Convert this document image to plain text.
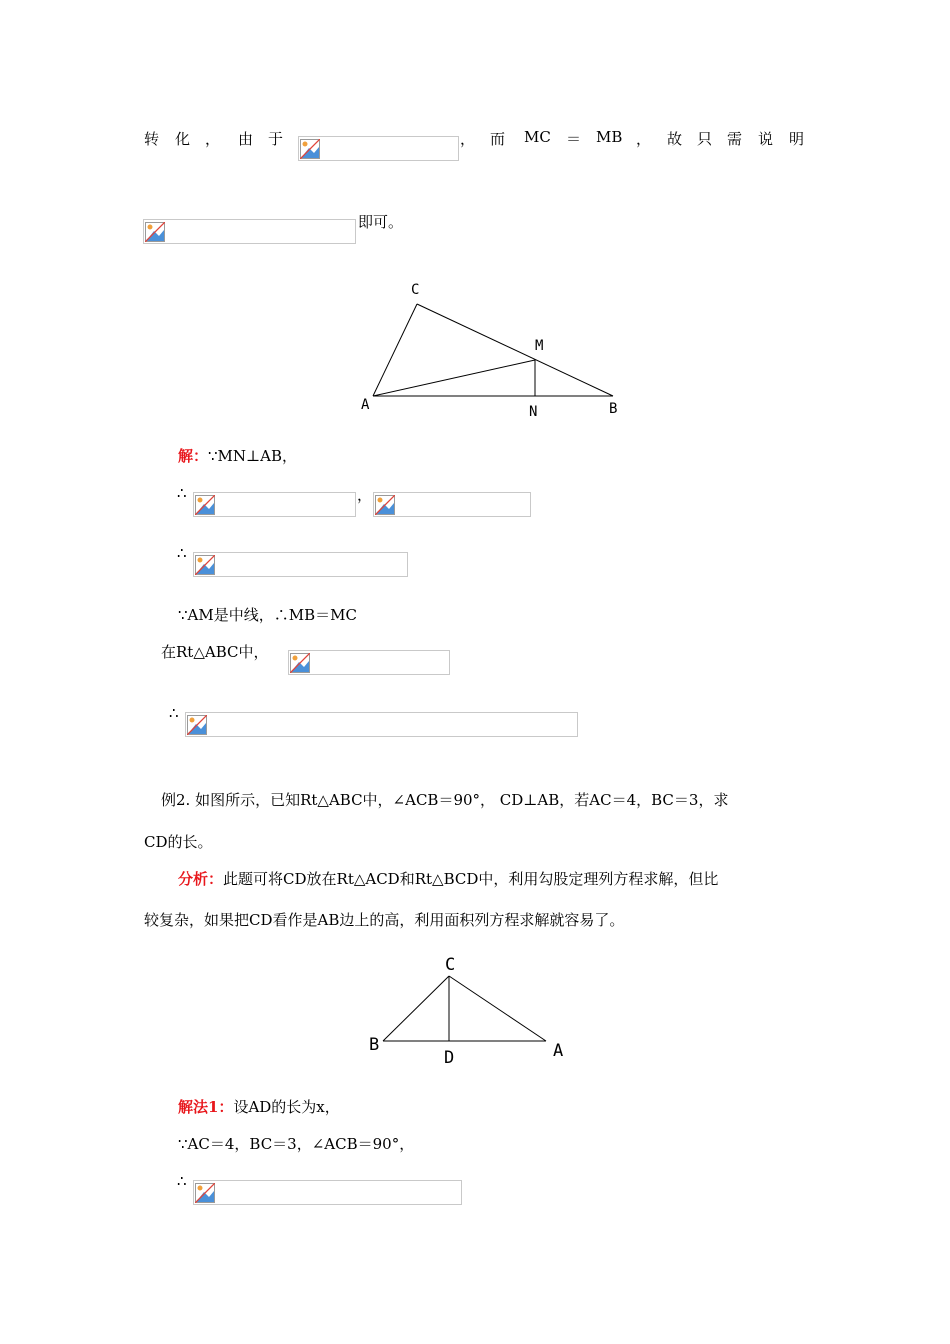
转 化 ， 由 于	， 而 MC ＝ MB ， 故 只 需 说 明
即可。
C
M
A	N	B
解：∵MN⊥AB，
∴	，
∴
∵AM是中线，∴MB＝MC
在Rt△ABC中，
∴
例2. 如图所示，已知Rt△ABC中，∠ACB＝90°， CD⊥AB，若AC＝4，BC＝3，求
CD的长。
分析：此题可将CD放在Rt△ACD和Rt△BCD中，利用勾股定理列方程求解，但比
较复杂，如果把CD看作是AB边上的高，利用面积列方程求解就容易了。
C
B
D	A
解法1：设AD的长为x，
∵AC＝4，BC＝3，∠ACB＝90°，
∴
